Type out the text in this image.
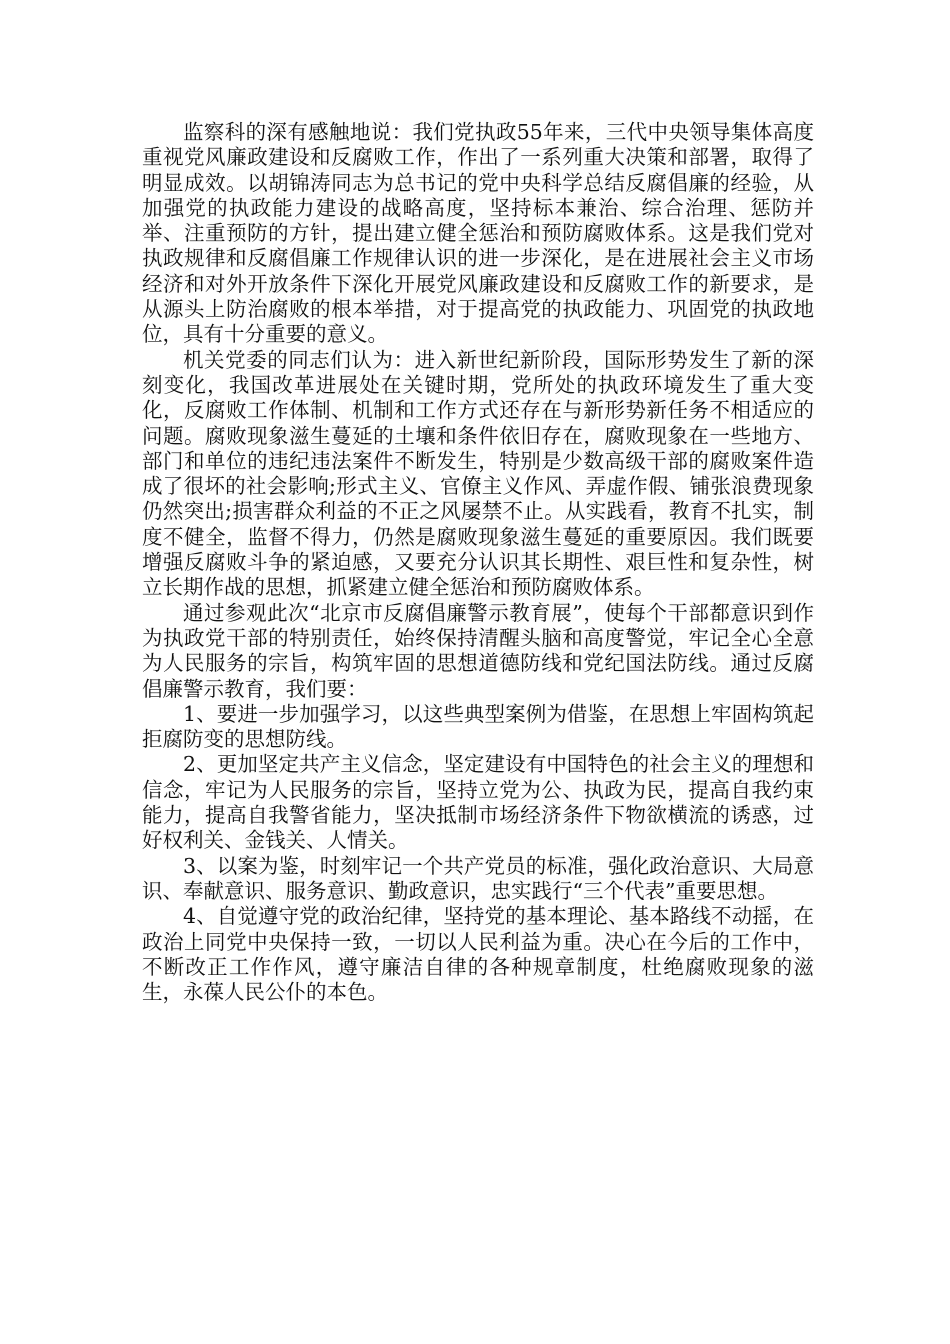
监察科的深有感触地说：我们党执政55年来，三代中央领导集体高度重视党风廉政建设和反腐败工作，作出了一系列重大决策和部署，取得了明显成效。以胡锦涛同志为总书记的党中央科学总结反腐倡廉的经验，从加强党的执政能力建设的战略高度，坚持标本兼治、综合治理、惩防并举、注重预防的方针，提出建立健全惩治和预防腐败体系。这是我们党对执政规律和反腐倡廉工作规律认识的进一步深化，是在进展社会主义市场经济和对外开放条件下深化开展党风廉政建设和反腐败工作的新要求，是从源头上防治腐败的根本举措，对于提高党的执政能力、巩固党的执政地位，具有十分重要的意义。

机关党委的同志们认为：进入新世纪新阶段，国际形势发生了新的深刻变化，我国改革进展处在关键时期，党所处的执政环境发生了重大变化，反腐败工作体制、机制和工作方式还存在与新形势新任务不相适应的问题。腐败现象滋生蔓延的土壤和条件依旧存在，腐败现象在一些地方、部门和单位的违纪违法案件不断发生，特别是少数高级干部的腐败案件造成了很坏的社会影响;形式主义、官僚主义作风、弄虚作假、铺张浪费现象仍然突出;损害群众利益的不正之风屡禁不止。从实践看，教育不扎实，制度不健全，监督不得力，仍然是腐败现象滋生蔓延的重要原因。我们既要增强反腐败斗争的紧迫感，又要充分认识其长期性、艰巨性和复杂性，树立长期作战的思想，抓紧建立健全惩治和预防腐败体系。

通过参观此次“北京市反腐倡廉警示教育展”，使每个干部都意识到作为执政党干部的特别责任，始终保持清醒头脑和高度警觉，牢记全心全意为人民服务的宗旨，构筑牢固的思想道德防线和党纪国法防线。通过反腐倡廉警示教育，我们要：

1、要进一步加强学习，以这些典型案例为借鉴，在思想上牢固构筑起拒腐防变的思想防线。

2、更加坚定共产主义信念，坚定建设有中国特色的社会主义的理想和信念，牢记为人民服务的宗旨，坚持立党为公、执政为民，提高自我约束能力，提高自我警省能力，坚决抵制市场经济条件下物欲横流的诱惑，过好权利关、金钱关、人情关。

3、以案为鉴，时刻牢记一个共产党员的标准，强化政治意识、大局意识、奉献意识、服务意识、勤政意识，忠实践行“三个代表”重要思想。

4、自觉遵守党的政治纪律，坚持党的基本理论、基本路线不动摇，在政治上同党中央保持一致，一切以人民利益为重。决心在今后的工作中，不断改正工作作风，遵守廉洁自律的各种规章制度，杜绝腐败现象的滋生，永葆人民公仆的本色。
